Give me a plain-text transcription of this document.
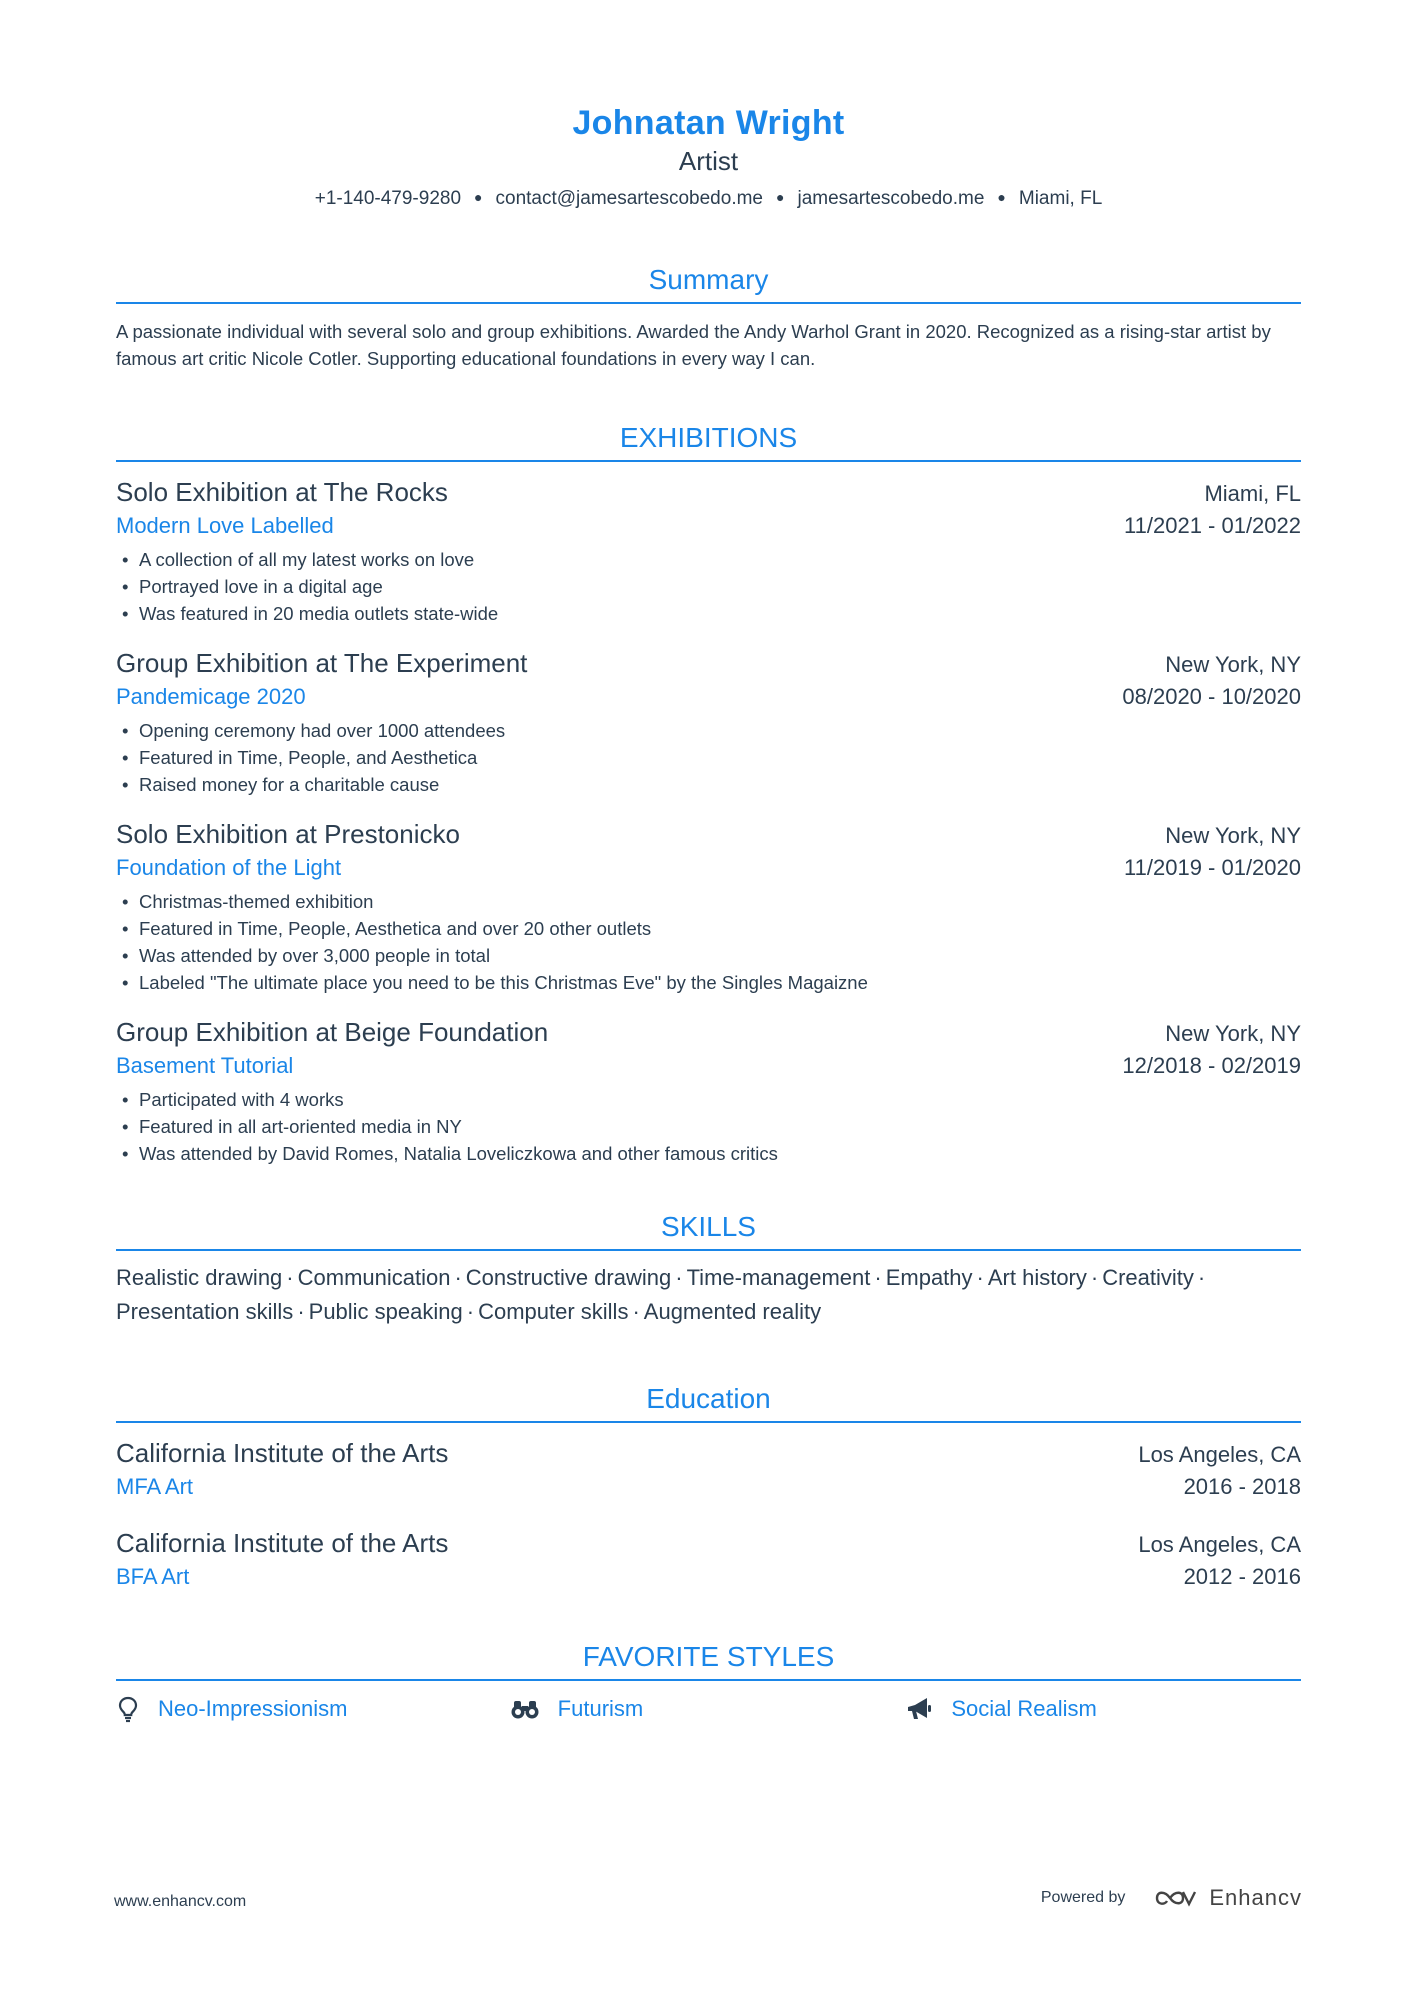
Johnatan Wright
Artist
+1-140-479-9280 ● contact@jamesartescobedo.me ● jamesartescobedo.me ● Miami, FL
Summary
A passionate individual with several solo and group exhibitions. Awarded the Andy Warhol Grant in 2020. Recognized as a rising-star artist by famous art critic Nicole Cotler. Supporting educational foundations in every way I can.
EXHIBITIONS
Solo Exhibition at The Rocks	Miami, FL
Modern Love Labelled	11/2021 - 01/2022
• A collection of all my latest works on love
• Portrayed love in a digital age
• Was featured in 20 media outlets state-wide
Group Exhibition at The Experiment	New York, NY
Pandemicage 2020	08/2020 - 10/2020
• Opening ceremony had over 1000 attendees
• Featured in Time, People, and Aesthetica
• Raised money for a charitable cause
Solo Exhibition at Prestonicko	New York, NY
Foundation of the Light	11/2019 - 01/2020
• Christmas-themed exhibition
• Featured in Time, People, Aesthetica and over 20 other outlets
• Was attended by over 3,000 people in total
• Labeled "The ultimate place you need to be this Christmas Eve" by the Singles Magaizne
Group Exhibition at Beige Foundation	New York, NY
Basement Tutorial	12/2018 - 02/2019
• Participated with 4 works
• Featured in all art-oriented media in NY
• Was attended by David Romes, Natalia Loveliczkowa and other famous critics
SKILLS
Realistic drawing · Communication · Constructive drawing · Time-management · Empathy · Art history · Creativity ·
Presentation skills · Public speaking · Computer skills · Augmented reality
Education
California Institute of the Arts	Los Angeles, CA
MFA Art	2016 - 2018
California Institute of the Arts	Los Angeles, CA
BFA Art	2012 - 2016
FAVORITE STYLES
Neo-Impressionism	Futurism	Social Realism
www.enhancv.com	Powered by	Enhancv
